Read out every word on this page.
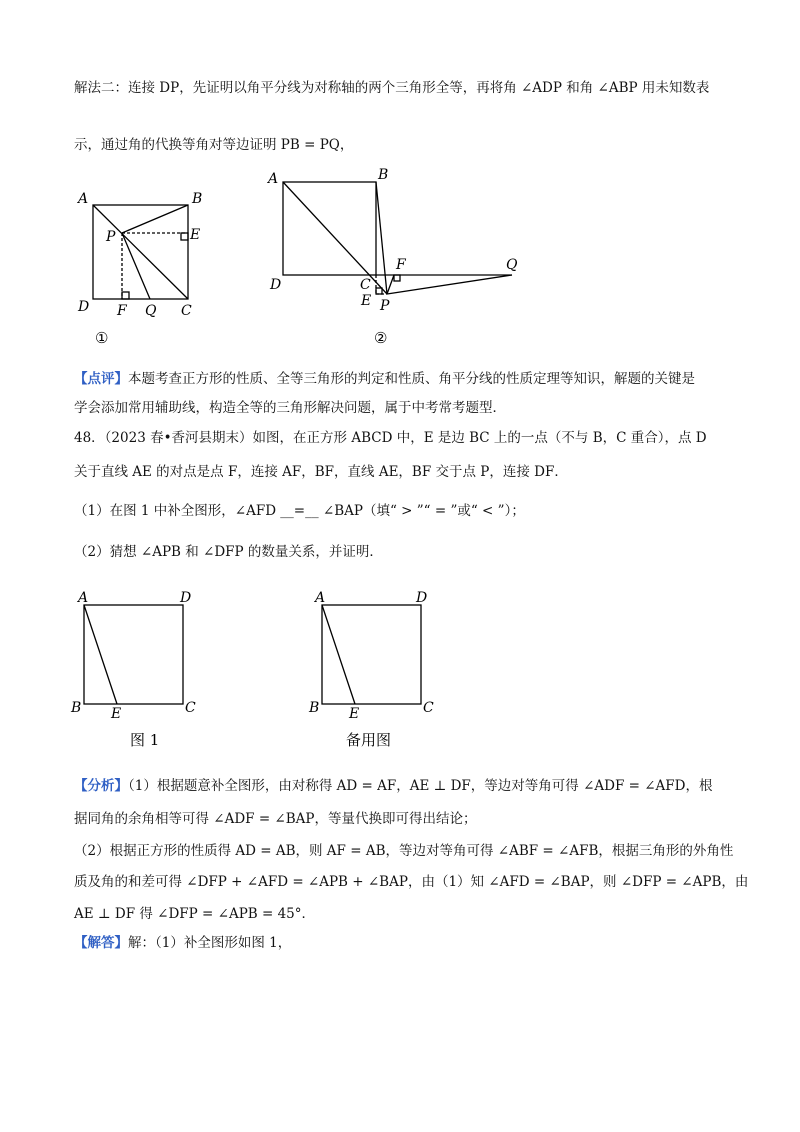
解法二：连接 DP，先证明以角平分线为对称轴的两个三角形全等，再将角 ∠ADP 和角 ∠ABP 用未知数表
示，通过角的代换等角对等边证明 PB = PQ，
A	B
E
P
D F Q C
A	B
D
F	Q
C
E P
①	②
【点评】本题考查正方形的性质、全等三角形的判定和性质、角平分线的性质定理等知识，解题的关键是
学会添加常用辅助线，构造全等的三角形解决问题，属于中考常考题型．
48．（2023 春•香河县期末）如图，在正方形 ABCD 中，E 是边 BC 上的一点（不与 B，C 重合），点 D
关于直线 AE 的对点是点 F，连接 AF，BF，直线 AE，BF 交于点 P，连接 DF．
（1）在图 1 中补全图形，∠AFD __=__ ∠BAP（填“ > ”“ = ”或“ < ”）；
（2）猜想 ∠APB 和 ∠DFP 的数量关系，并证明．
A	D
B E	C
A	D
B E	C
图 1	备用图
【分析】（1）根据题意补全图形，由对称得 AD = AF，AE ⊥ DF，等边对等角可得 ∠ADF = ∠AFD，根
据同角的余角相等可得 ∠ADF = ∠BAP，等量代换即可得出结论；
（2）根据正方形的性质得 AD = AB，则 AF = AB，等边对等角可得 ∠ABF = ∠AFB，根据三角形的外角性
质及角的和差可得 ∠DFP + ∠AFD = ∠APB + ∠BAP，由（1）知 ∠AFD = ∠BAP，则 ∠DFP = ∠APB，由
AE ⊥ DF 得 ∠DFP = ∠APB = 45°．
【解答】解：（1）补全图形如图 1，
